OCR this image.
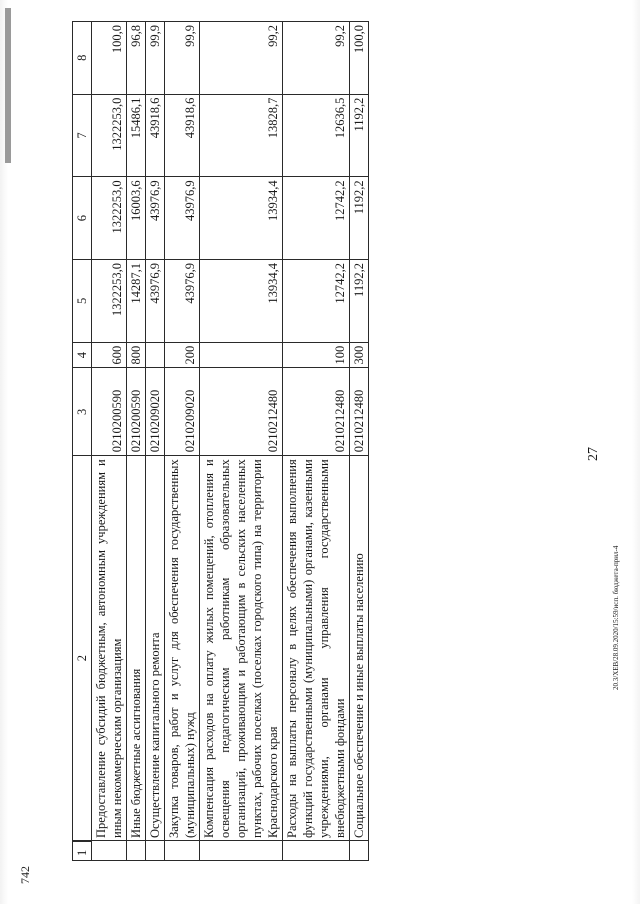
742
20.3/ХЕВ/28.09.2020/15:59/исп. бюджета-прил-4
27
1
2	3	4	5	6	7	8
Предоставление субсидий бюджетным, автономным учреждениям и иным некоммерческим организациям	0210200590	600	1322253,0	1322253,0	1322253,0	100,0
Иные бюджетные ассигнования	0210200590	800	14287,1	16003,6	15486,1	96,8
Осуществление капитального ремонта	0210209020		43976,9	43976,9	43918,6	99,9
Закупка товаров, работ и услуг для обеспечения государственных (муниципальных) нужд	0210209020	200	43976,9	43976,9	43918,6	99,9
Компенсация расходов на оплату жилых помещений, отопления и освещения педагогическим работникам образовательных организаций, проживающим и работающим в сельских населенных пунктах, рабочих поселках (поселках городского типа) на территории Краснодарского края	0210212480		13934,4	13934,4	13828,7	99,2
Расходы на выплаты персоналу в целях обеспечения выполнения функций государственными (муниципальными) органами, казенными учреждениями, органами управления государственными внебюджетными фондами	0210212480	100	12742,2	12742,2	12636,5	99,2
Социальное обеспечение и иные выплаты населению	0210212480	300	1192,2	1192,2	1192,2	100,0
